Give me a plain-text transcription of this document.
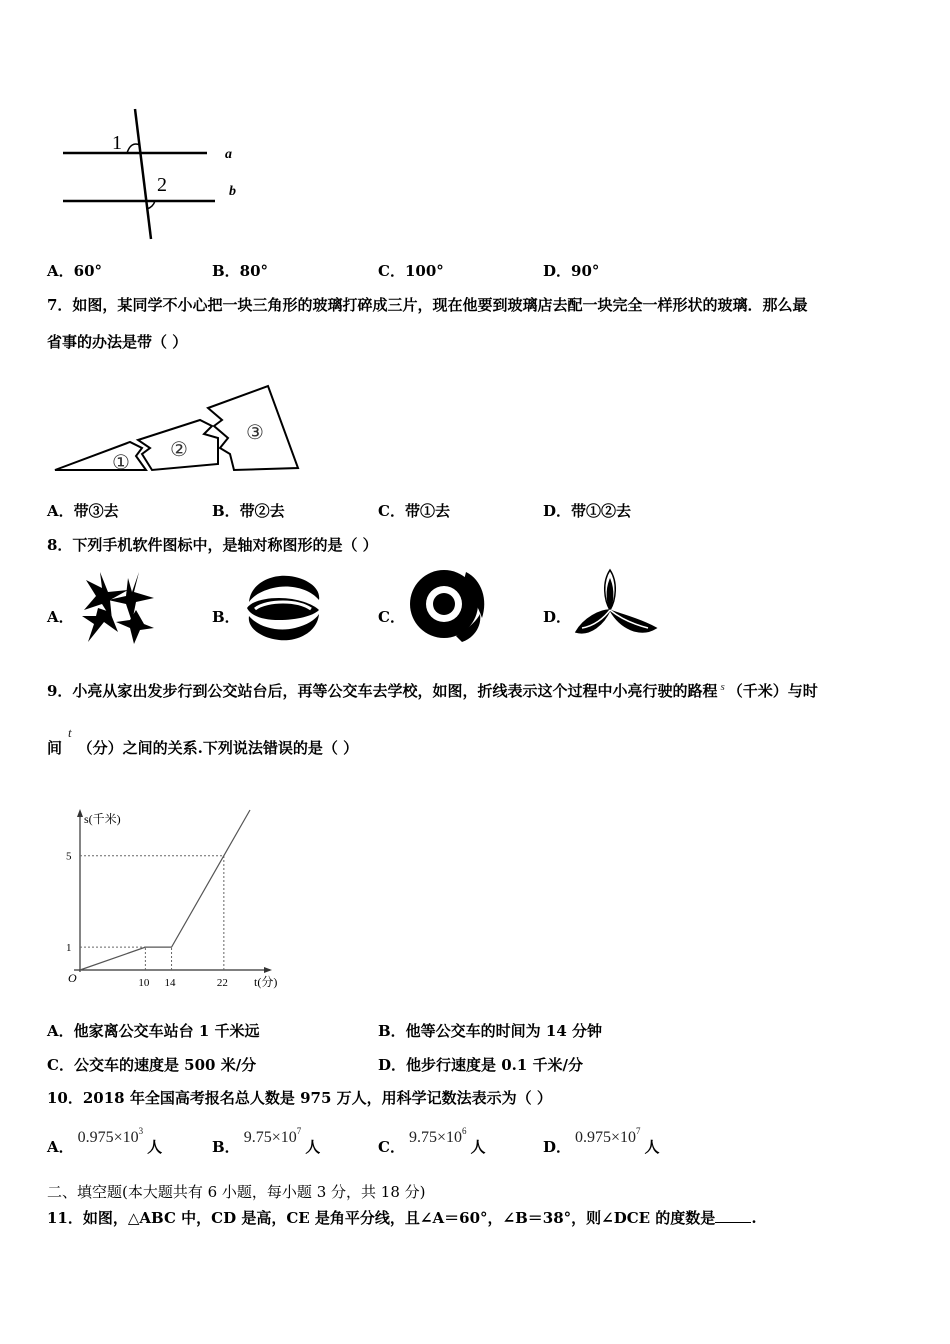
1
2
a
b
A．60°	B．80°	C．100°	D．90°
7．如图，某同学不小心把一块三角形的玻璃打碎成三片，现在他要到玻璃店去配一块完全一样形状的玻璃．那么最
省事的办法是带（ ）
①
②
③
A．带③去	B．带②去	C．带①去	D．带①②去
8．下列手机软件图标中，是轴对称图形的是（ ）
A．	B．	C．	D．
9．小亮从家出发步行到公交站台后，再等公交车去学校，如图，折线表示这个过程中小亮行驶的路程 $^s$ （千米）与时
间t（分）之间的关系.下列说法错误的是（ ）
s(千米)
t(分)
O	10 14	22
1
5
A．他家离公交车站台 1 千米远	B．他等公交车的时间为 14 分钟
C．公交车的速度是 500 米/分	D．他步行速度是 0.1 千米/分
10．2018 年全国高考报名总人数是 975 万人，用科学记数法表示为（ ）
A．$0.975\times 10^3$人	B．$9.75\times 10^7$人	C．$9.75\times 10^6$人	D．$0.975\times 10^7$人
二、填空题(本大题共有 6 小题，每小题 3 分，共 18 分)
11．如图，△ABC 中，CD 是高，CE 是角平分线，且∠A＝60°，∠B＝38°，则∠DCE 的度数是 .
